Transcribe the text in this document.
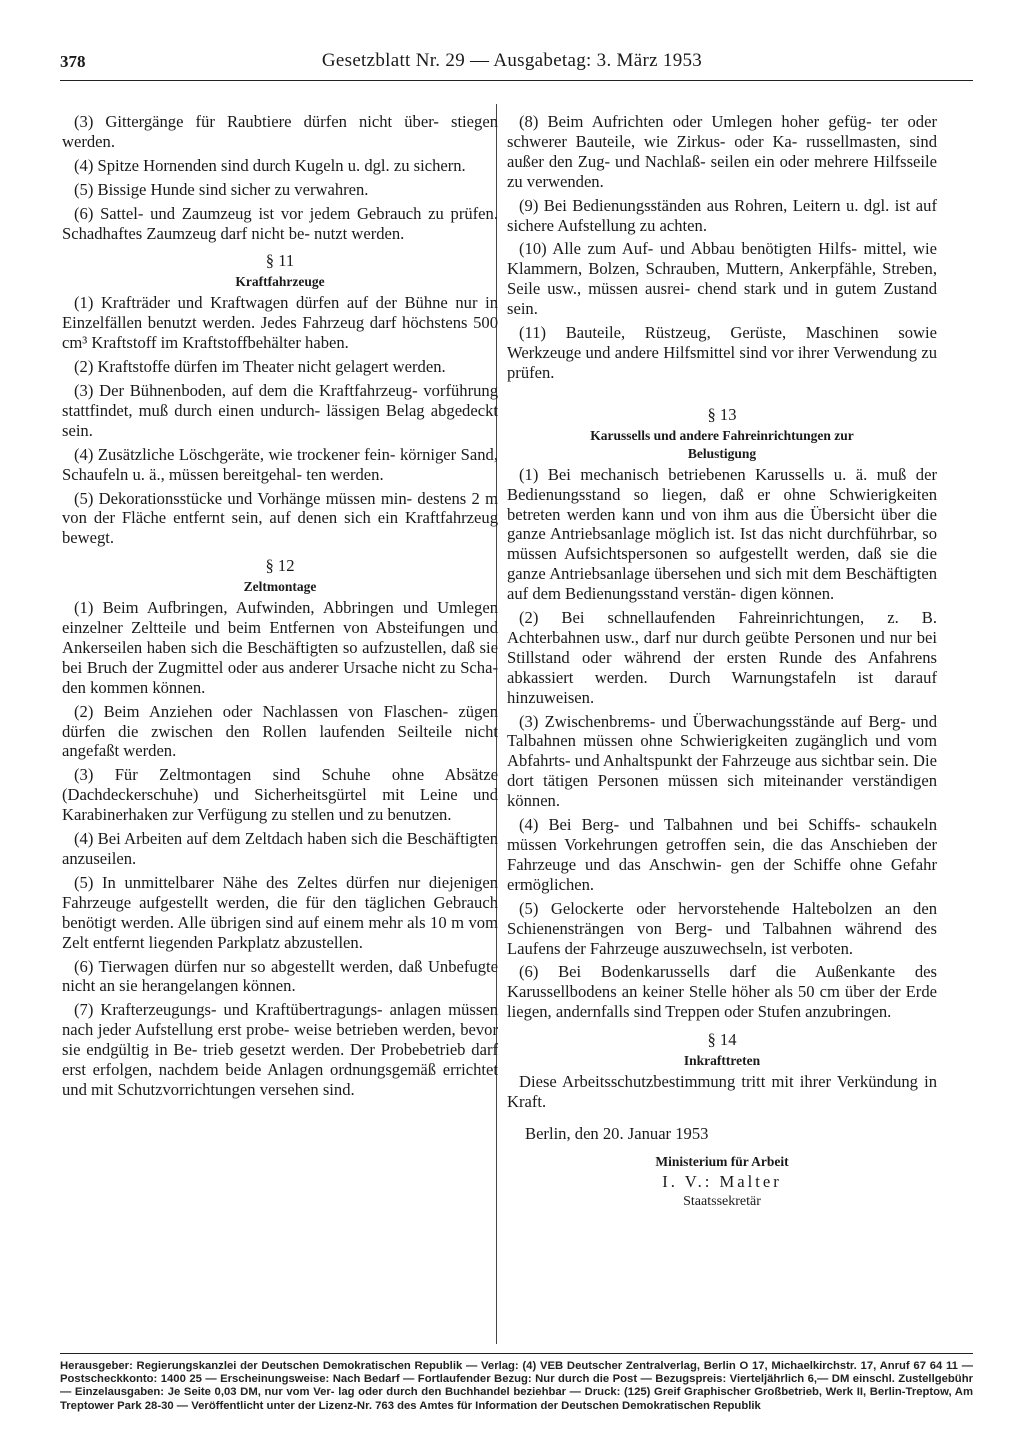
378	Gesetzblatt Nr. 29 — Ausgabetag: 3. März 1953

(3) Gittergänge für Raubtiere dürfen nicht über- stiegen werden.

(4) Spitze Hornenden sind durch Kugeln u. dgl. zu sichern.

(5) Bissige Hunde sind sicher zu verwahren.

(6) Sattel- und Zaumzeug ist vor jedem Gebrauch zu prüfen. Schadhaftes Zaumzeug darf nicht be- nutzt werden.

§ 11
Kraftfahrzeuge

(1) Krafträder und Kraftwagen dürfen auf der Bühne nur in Einzelfällen benutzt werden. Jedes Fahrzeug darf höchstens 500 cm³ Kraftstoff im Kraftstoffbehälter haben.

(2) Kraftstoffe dürfen im Theater nicht gelagert werden.

(3) Der Bühnenboden, auf dem die Kraftfahrzeug- vorführung stattfindet, muß durch einen undurch- lässigen Belag abgedeckt sein.

(4) Zusätzliche Löschgeräte, wie trockener fein- körniger Sand, Schaufeln u. ä., müssen bereitgehal- ten werden.

(5) Dekorationsstücke und Vorhänge müssen min- destens 2 m von der Fläche entfernt sein, auf denen sich ein Kraftfahrzeug bewegt.

§ 12
Zeltmontage

(1) Beim Aufbringen, Aufwinden, Abbringen und Umlegen einzelner Zeltteile und beim Entfernen von Absteifungen und Ankerseilen haben sich die Beschäftigten so aufzustellen, daß sie bei Bruch der Zugmittel oder aus anderer Ursache nicht zu Scha- den kommen können.

(2) Beim Anziehen oder Nachlassen von Flaschen- zügen dürfen die zwischen den Rollen laufenden Seilteile nicht angefaßt werden.

(3) Für Zeltmontagen sind Schuhe ohne Absätze (Dachdeckerschuhe) und Sicherheitsgürtel mit Leine und Karabinerhaken zur Verfügung zu stellen und zu benutzen.

(4) Bei Arbeiten auf dem Zeltdach haben sich die Beschäftigten anzuseilen.

(5) In unmittelbarer Nähe des Zeltes dürfen nur diejenigen Fahrzeuge aufgestellt werden, die für den täglichen Gebrauch benötigt werden. Alle übrigen sind auf einem mehr als 10 m vom Zelt entfernt liegenden Parkplatz abzustellen.

(6) Tierwagen dürfen nur so abgestellt werden, daß Unbefugte nicht an sie herangelangen können.

(7) Krafterzeugungs- und Kraftübertragungs- anlagen müssen nach jeder Aufstellung erst probe- weise betrieben werden, bevor sie endgültig in Be- trieb gesetzt werden. Der Probebetrieb darf erst erfolgen, nachdem beide Anlagen ordnungsgemäß errichtet und mit Schutzvorrichtungen versehen sind.

(8) Beim Aufrichten oder Umlegen hoher gefüg- ter oder schwerer Bauteile, wie Zirkus- oder Ka- russellmasten, sind außer den Zug- und Nachlaß- seilen ein oder mehrere Hilfsseile zu verwenden.

(9) Bei Bedienungsständen aus Rohren, Leitern u. dgl. ist auf sichere Aufstellung zu achten.

(10) Alle zum Auf- und Abbau benötigten Hilfs- mittel, wie Klammern, Bolzen, Schrauben, Muttern, Ankerpfähle, Streben, Seile usw., müssen ausrei- chend stark und in gutem Zustand sein.

(11) Bauteile, Rüstzeug, Gerüste, Maschinen sowie Werkzeuge und andere Hilfsmittel sind vor ihrer Verwendung zu prüfen.

§ 13
Karussells und andere Fahreinrichtungen zur
Belustigung

(1) Bei mechanisch betriebenen Karussells u. ä. muß der Bedienungsstand so liegen, daß er ohne Schwierigkeiten betreten werden kann und von ihm aus die Übersicht über die ganze Antriebsanlage möglich ist. Ist das nicht durchführbar, so müssen Aufsichtspersonen so aufgestellt werden, daß sie die ganze Antriebsanlage übersehen und sich mit dem Beschäftigten auf dem Bedienungsstand verstän- digen können.

(2) Bei schnellaufenden Fahreinrichtungen, z. B. Achterbahnen usw., darf nur durch geübte Personen und nur bei Stillstand oder während der ersten Runde des Anfahrens abkassiert werden. Durch Warnungstafeln ist darauf hinzuweisen.

(3) Zwischenbrems- und Überwachungsstände auf Berg- und Talbahnen müssen ohne Schwierigkeiten zugänglich und vom Abfahrts- und Anhaltspunkt der Fahrzeuge aus sichtbar sein. Die dort tätigen Personen müssen sich miteinander verständigen können.

(4) Bei Berg- und Talbahnen und bei Schiffs- schaukeln müssen Vorkehrungen getroffen sein, die das Anschieben der Fahrzeuge und das Anschwin- gen der Schiffe ohne Gefahr ermöglichen.

(5) Gelockerte oder hervorstehende Haltebolzen an den Schienensträngen von Berg- und Talbahnen während des Laufens der Fahrzeuge auszuwechseln, ist verboten.

(6) Bei Bodenkarussells darf die Außenkante des Karussellbodens an keiner Stelle höher als 50 cm über der Erde liegen, andernfalls sind Treppen oder Stufen anzubringen.

§ 14
Inkrafttreten

Diese Arbeitsschutzbestimmung tritt mit ihrer Verkündung in Kraft.

Berlin, den 20. Januar 1953

Ministerium für Arbeit

I. V.: Malter

Staatssekretär

Herausgeber: Regierungskanzlei der Deutschen Demokratischen Republik — Verlag: (4) VEB Deutscher Zentralverlag, Berlin O 17, Michaelkirchstr. 17, Anruf 67 64 11 — Postscheckkonto: 1400 25 — Erscheinungsweise: Nach Bedarf — Fortlaufender Bezug: Nur durch die Post — Bezugspreis: Vierteljährlich 6,— DM einschl. Zustellgebühr — Einzelausgaben: Je Seite 0,03 DM, nur vom Ver- lag oder durch den Buchhandel beziehbar — Druck: (125) Greif Graphischer Großbetrieb, Werk II, Berlin-Treptow, Am Treptower Park 28-30 — Veröffentlicht unter der Lizenz-Nr. 763 des Amtes für Information der Deutschen Demokratischen Republik
